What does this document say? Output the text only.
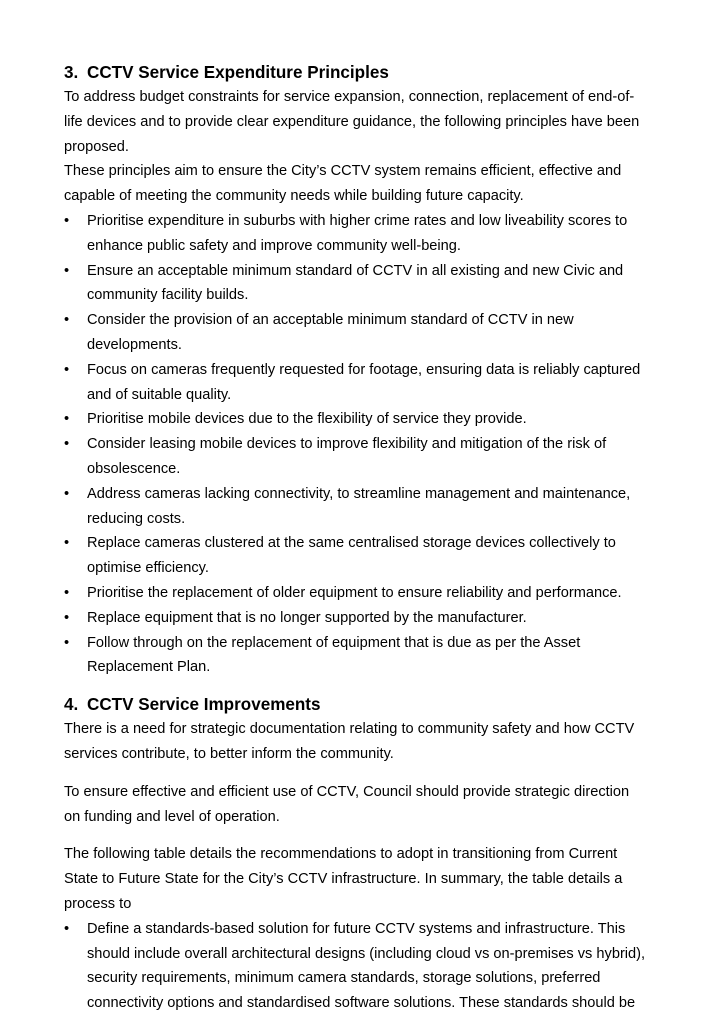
3. CCTV Service Expenditure Principles

To address budget constraints for service expansion, connection, replacement of end-of-life devices and to provide clear expenditure guidance, the following principles have been proposed.

These principles aim to ensure the City’s CCTV system remains efficient, effective and capable of meeting the community needs while building future capacity.

•	Prioritise expenditure in suburbs with higher crime rates and low liveability scores to enhance public safety and improve community well-being.
•	Ensure an acceptable minimum standard of CCTV in all existing and new Civic and community facility builds.
•	Consider the provision of an acceptable minimum standard of CCTV in new developments.
•	Focus on cameras frequently requested for footage, ensuring data is reliably captured and of suitable quality.
•	Prioritise mobile devices due to the flexibility of service they provide.
•	Consider leasing mobile devices to improve flexibility and mitigation of the risk of obsolescence.
•	Address cameras lacking connectivity, to streamline management and maintenance, reducing costs.
•	Replace cameras clustered at the same centralised storage devices collectively to optimise efficiency.
•	Prioritise the replacement of older equipment to ensure reliability and performance.
•	Replace equipment that is no longer supported by the manufacturer.
•	Follow through on the replacement of equipment that is due as per the Asset Replacement Plan.
4. CCTV Service Improvements

There is a need for strategic documentation relating to community safety and how CCTV services contribute, to better inform the community.

To ensure effective and efficient use of CCTV, Council should provide strategic direction on funding and level of operation.

The following table details the recommendations to adopt in transitioning from Current State to Future State for the City’s CCTV infrastructure. In summary, the table details a process to

•	Define a standards-based solution for future CCTV systems and infrastructure. This should include overall architectural designs (including cloud vs on-premises vs hybrid), security requirements, minimum camera standards, storage solutions, preferred connectivity options and standardised software solutions. These standards should be
